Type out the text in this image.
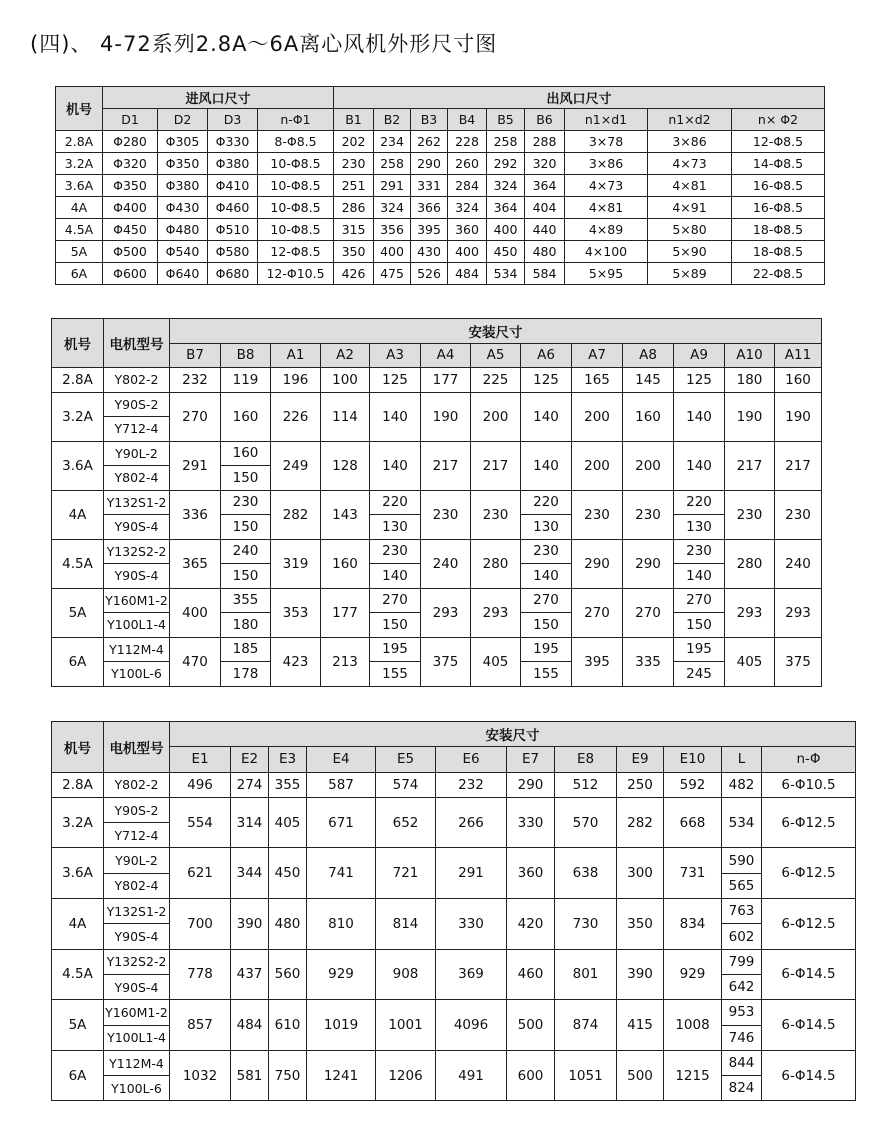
(四)、 4-72系列2.8A～6A离心风机外形尺寸图
机号	进风口尺寸				出风口尺寸								
	D1	D2	D3	n-Φ1	B1	B2	B3	B4	B5	B6	n1×d1	n1×d2	n× Φ2
2.8A	Φ280	Φ305	Φ330	8-Φ8.5	202	234	262	228	258	288	3×78	3×86	12-Φ8.5
3.2A	Φ320	Φ350	Φ380	10-Φ8.5	230	258	290	260	292	320	3×86	4×73	14-Φ8.5
3.6A	Φ350	Φ380	Φ410	10-Φ8.5	251	291	331	284	324	364	4×73	4×81	16-Φ8.5
4A	Φ400	Φ430	Φ460	10-Φ8.5	286	324	366	324	364	404	4×81	4×91	16-Φ8.5
4.5A	Φ450	Φ480	Φ510	10-Φ8.5	315	356	395	360	400	440	4×89	5×80	18-Φ8.5
5A	Φ500	Φ540	Φ580	12-Φ8.5	350	400	430	400	450	480	4×100	5×90	18-Φ8.5
6A	Φ600	Φ640	Φ680	12-Φ10.5	426	475	526	484	534	584	5×95	5×89	22-Φ8.5
机号	电机型号	安装尺寸												
		B7	B8	A1	A2	A3	A4	A5	A6	A7	A8	A9	A10	A11
2.8A	Y802-2	232	119	196	100	125	177	225	125	165	145	125	180	160
3.2A	Y90S-2	270	160	226	114	140	190	200	140	200	160	140	190	190
	Y712-4													
3.6A	Y90L-2	291	160	249	128	140	217	217	140	200	200	140	217	217
	Y802-4		150											
4A	Y132S1-2	336	230	282	143	220	230	230	220	230	230	220	230	230
	Y90S-4		150			130			130			130		
4.5A	Y132S2-2	365	240	319	160	230	240	280	230	290	290	230	280	240
	Y90S-4		150			140			140			140		
5A	Y160M1-2	400	355	353	177	270	293	293	270	270	270	270	293	293
	Y100L1-4		180			150			150			150		
6A	Y112M-4	470	185	423	213	195	375	405	195	395	335	195	405	375
	Y100L-6		178			155			155			245		
机号	电机型号	安装尺寸											
		E1	E2	E3	E4	E5	E6	E7	E8	E9	E10	L	n-Φ
2.8A	Y802-2	496	274	355	587	574	232	290	512	250	592	482	6-Φ10.5
3.2A	Y90S-2	554	314	405	671	652	266	330	570	282	668	534	6-Φ12.5
	Y712-4												
3.6A	Y90L-2	621	344	450	741	721	291	360	638	300	731	590	6-Φ12.5
	Y802-4											565	
4A	Y132S1-2	700	390	480	810	814	330	420	730	350	834	763	6-Φ12.5
	Y90S-4											602	
4.5A	Y132S2-2	778	437	560	929	908	369	460	801	390	929	799	6-Φ14.5
	Y90S-4											642	
5A	Y160M1-2	857	484	610	1019	1001	4096	500	874	415	1008	953	6-Φ14.5
	Y100L1-4											746	
6A	Y112M-4	1032	581	750	1241	1206	491	600	1051	500	1215	844	6-Φ14.5
	Y100L-6											824	
